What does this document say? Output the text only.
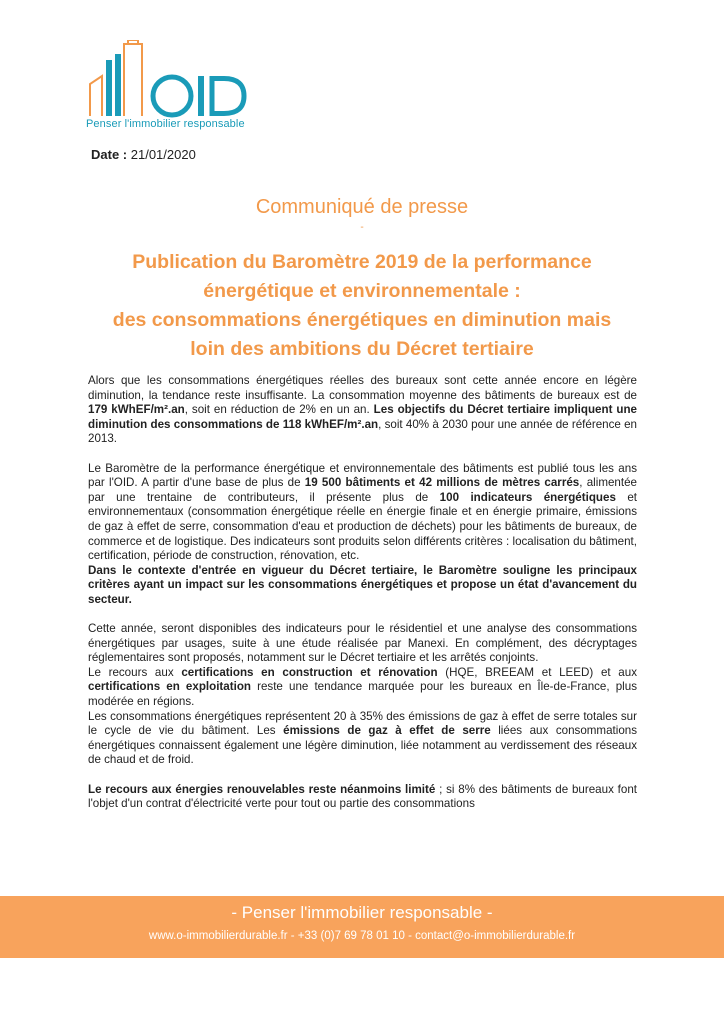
Penser l'immobilier responsable
Date : 21/01/2020
Communiqué de presse
-
Publication du Baromètre 2019 de la performance
énergétique et environnementale :
des consommations énergétiques en diminution mais
loin des ambitions du Décret tertiaire

Alors que les consommations énergétiques réelles des bureaux sont cette année encore en légère diminution, la tendance reste insuffisante. La consommation moyenne des bâtiments de bureaux est de 179 kWhEF/m².an, soit en réduction de 2% en un an. Les objectifs du Décret tertiaire impliquent une diminution des consommations de 118 kWhEF/m².an, soit 40% à 2030 pour une année de référence en 2013.

Le Baromètre de la performance énergétique et environnementale des bâtiments est publié tous les ans par l'OID. A partir d'une base de plus de 19 500 bâtiments et 42 millions de mètres carrés, alimentée par une trentaine de contributeurs, il présente plus de 100 indicateurs énergétiques et environnementaux (consommation énergétique réelle en énergie finale et en énergie primaire, émissions de gaz à effet de serre, consommation d'eau et production de déchets) pour les bâtiments de bureaux, de commerce et de logistique. Des indicateurs sont produits selon différents critères : localisation du bâtiment, certification, période de construction, rénovation, etc.

Dans le contexte d'entrée en vigueur du Décret tertiaire, le Baromètre souligne les principaux critères ayant un impact sur les consommations énergétiques et propose un état d'avancement du secteur.

Cette année, seront disponibles des indicateurs pour le résidentiel et une analyse des consommations énergétiques par usages, suite à une étude réalisée par Manexi. En complément, des décryptages réglementaires sont proposés, notamment sur le Décret tertiaire et les arrêtés conjoints.

Le recours aux certifications en construction et rénovation (HQE, BREEAM et LEED) et aux certifications en exploitation reste une tendance marquée pour les bureaux en Île-de-France, plus modérée en régions.

Les consommations énergétiques représentent 20 à 35% des émissions de gaz à effet de serre totales sur le cycle de vie du bâtiment. Les émissions de gaz à effet de serre liées aux consommations énergétiques connaissent également une légère diminution, liée notamment au verdissement des réseaux de chaud et de froid.

Le recours aux énergies renouvelables reste néanmoins limité ; si 8% des bâtiments de bureaux font l'objet d'un contrat d'électricité verte pour tout ou partie des consommations

- Penser l'immobilier responsable -
www.o-immobilierdurable.fr - +33 (0)7 69 78 01 10 - contact@o-immobilierdurable.fr
